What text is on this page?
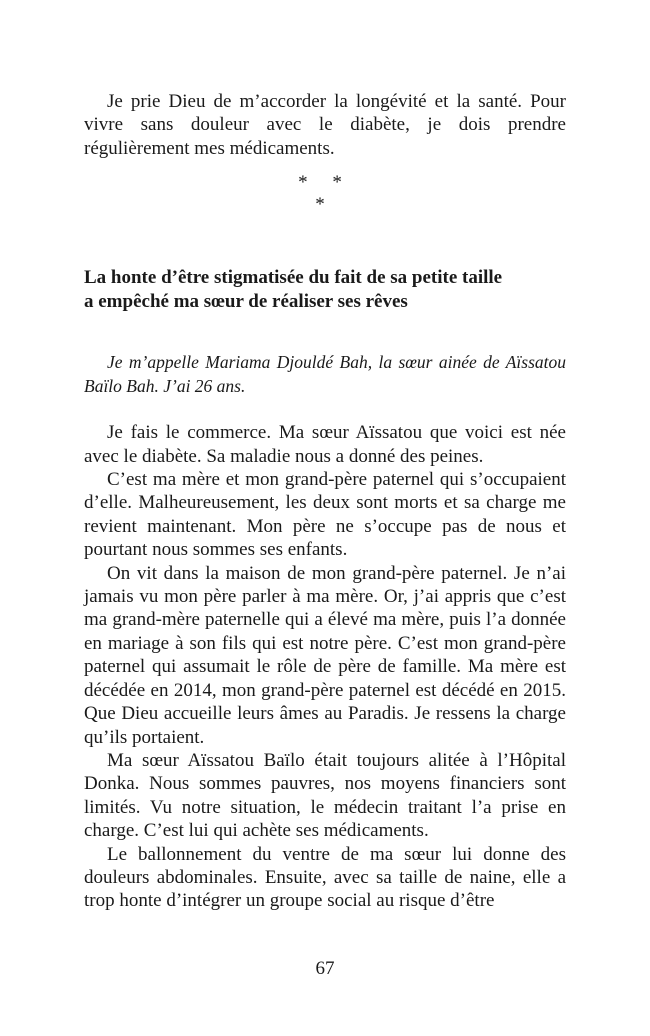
Je prie Dieu de m’accorder la longévité et la santé. Pour vivre sans douleur avec le diabète, je dois prendre régulièrement mes médicaments.

* *
*
La honte d’être stigmatisée du fait de sa petite taille
a empêché ma sœur de réaliser ses rêves

Je m’appelle Mariama Djouldé Bah, la sœur ainée de Aïssatou Baïlo Bah. J’ai 26 ans.

Je fais le commerce. Ma sœur Aïssatou que voici est née avec le diabète. Sa maladie nous a donné des peines.

C’est ma mère et mon grand-père paternel qui s’occupaient d’elle. Malheureusement, les deux sont morts et sa charge me revient maintenant. Mon père ne s’occupe pas de nous et pourtant nous sommes ses enfants.

On vit dans la maison de mon grand-père paternel. Je n’ai jamais vu mon père parler à ma mère. Or, j’ai appris que c’est ma grand-mère paternelle qui a élevé ma mère, puis l’a donnée en mariage à son fils qui est notre père. C’est mon grand-père paternel qui assumait le rôle de père de famille. Ma mère est décédée en 2014, mon grand-père paternel est décédé en 2015. Que Dieu accueille leurs âmes au Paradis. Je ressens la charge qu’ils portaient.

Ma sœur Aïssatou Baïlo était toujours alitée à l’Hôpital Donka. Nous sommes pauvres, nos moyens financiers sont limités. Vu notre situation, le médecin traitant l’a prise en charge. C’est lui qui achète ses médicaments.

Le ballonnement du ventre de ma sœur lui donne des douleurs abdominales. Ensuite, avec sa taille de naine, elle a trop honte d’intégrer un groupe social au risque d’être

67
